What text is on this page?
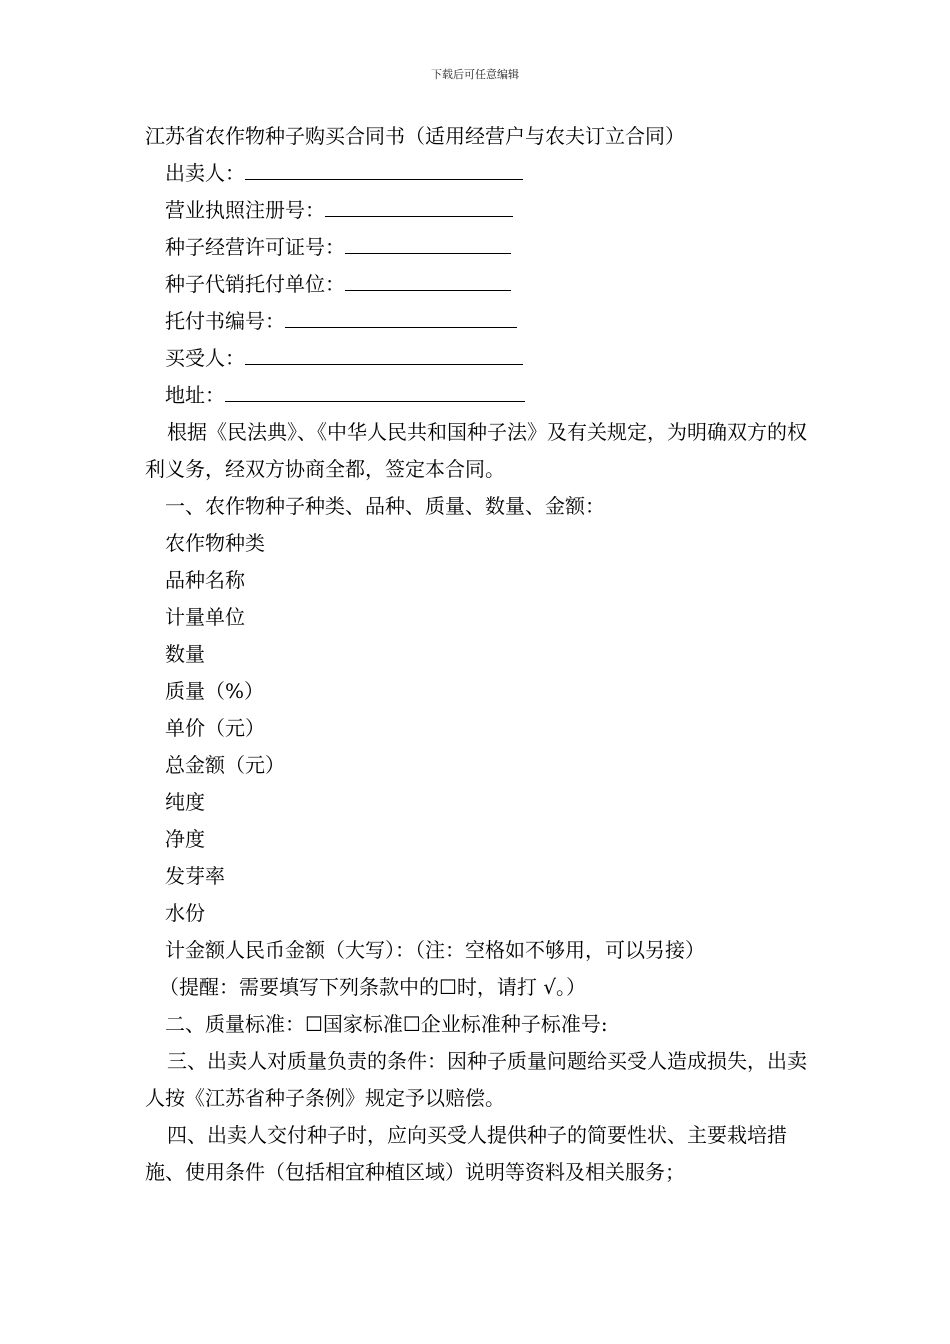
下载后可任意编辑
江苏省农作物种子购买合同书（适用经营户与农夫订立合同）
出卖人：
营业执照注册号：
种子经营许可证号：
种子代销托付单位：
托付书编号：
买受人：
地址：
根据《民法典》、《中华人民共和国种子法》及有关规定，为明确双方的权利义务，经双方协商全都，签定本合同。
一、农作物种子种类、品种、质量、数量、金额：
农作物种类
品种名称
计量单位
数量
质量（%）
单价（元）
总金额（元）
纯度
净度
发芽率
水份
计金额人民币金额（大写）：（注：空格如不够用，可以另接）
（提醒：需要填写下列条款中的☐时，请打 √。）
二、质量标准：☐国家标准☐企业标准种子标准号:
三、出卖人对质量负责的条件：因种子质量问题给买受人造成损失，出卖人按《江苏省种子条例》规定予以赔偿。
四、出卖人交付种子时，应向买受人提供种子的简要性状、主要栽培措施、使用条件（包括相宜种植区域）说明等资料及相关服务；
